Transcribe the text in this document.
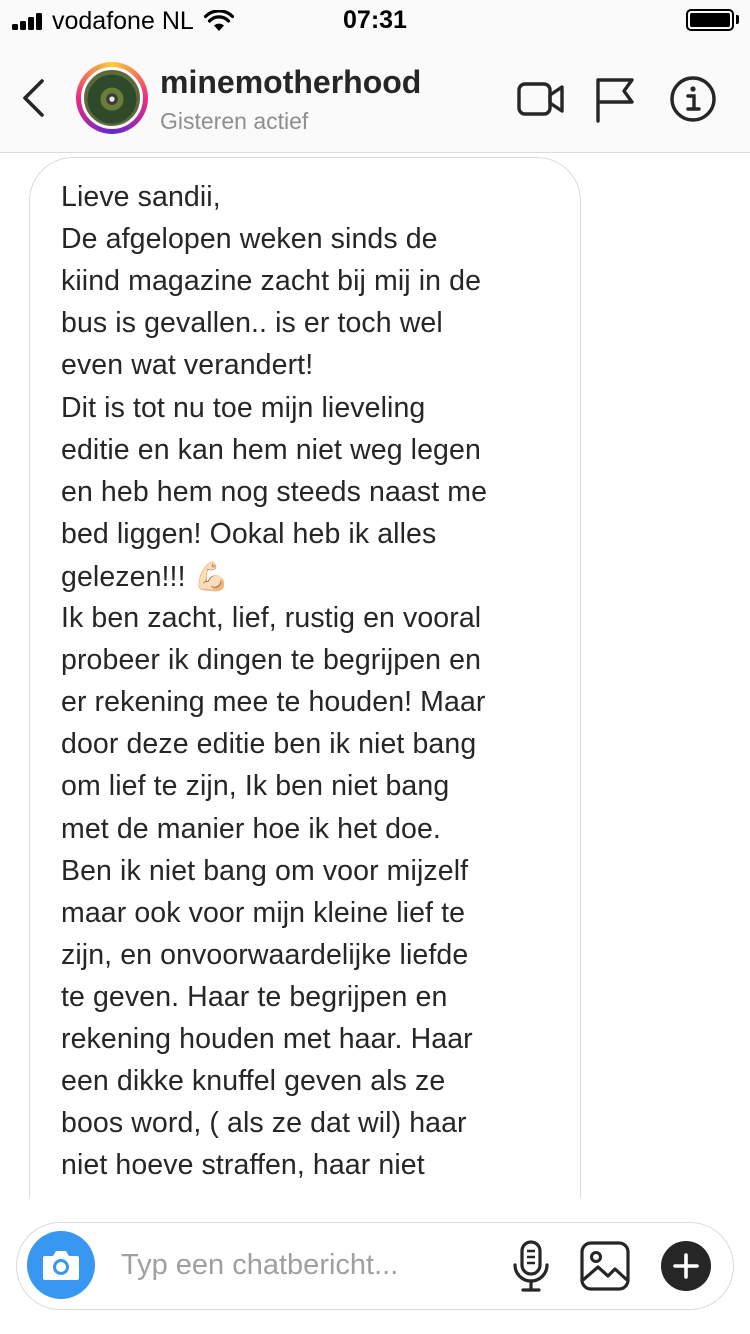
vodafone NL	07:31
minemotherhood
Gisteren actief
Lieve sandii,
De afgelopen weken sinds de
kiind magazine zacht bij mij in de
bus is gevallen.. is er toch wel
even wat verandert!
Dit is tot nu toe mijn lieveling
editie en kan hem niet weg legen
en heb hem nog steeds naast me
bed liggen! Ookal heb ik alles
gelezen!!! 💪🏻
Ik ben zacht, lief, rustig en vooral
probeer ik dingen te begrijpen en
er rekening mee te houden! Maar
door deze editie ben ik niet bang
om lief te zijn, Ik ben niet bang
met de manier hoe ik het doe.
Ben ik niet bang om voor mijzelf
maar ook voor mijn kleine lief te
zijn, en onvoorwaardelijke liefde
te geven. Haar te begrijpen en
rekening houden met haar. Haar
een dikke knuffel geven als ze
boos word, ( als ze dat wil) haar
niet hoeve straffen, haar niet
Typ een chatbericht...
